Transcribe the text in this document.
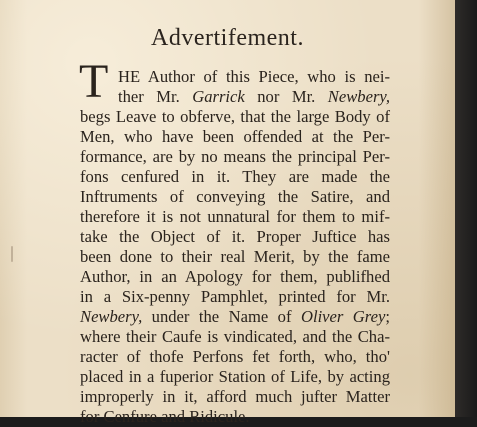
Advertifement.
T HE Author of this Piece, who is nei-
ther Mr. Garrick nor Mr. Newbery,
begs Leave to obferve, that the large Body of
Men, who have been offended at the Per-
formance, are by no means the principal Per-
fons cenfured in it. They are made the
Inftruments of conveying the Satire, and
therefore it is not unnatural for them to mif-
take the Object of it. Proper Juftice has
been done to their real Merit, by the fame
Author, in an Apology for them, publifhed
in a Six-penny Pamphlet, printed for Mr.
Newbery, under the Name of Oliver Grey;
where their Caufe is vindicated, and the Cha-
racter of thofe Perfons fet forth, who, tho'
placed in a fuperior Station of Life, by acting
improperly in it, afford much jufter Matter
for Cenfure and Ridicule.
